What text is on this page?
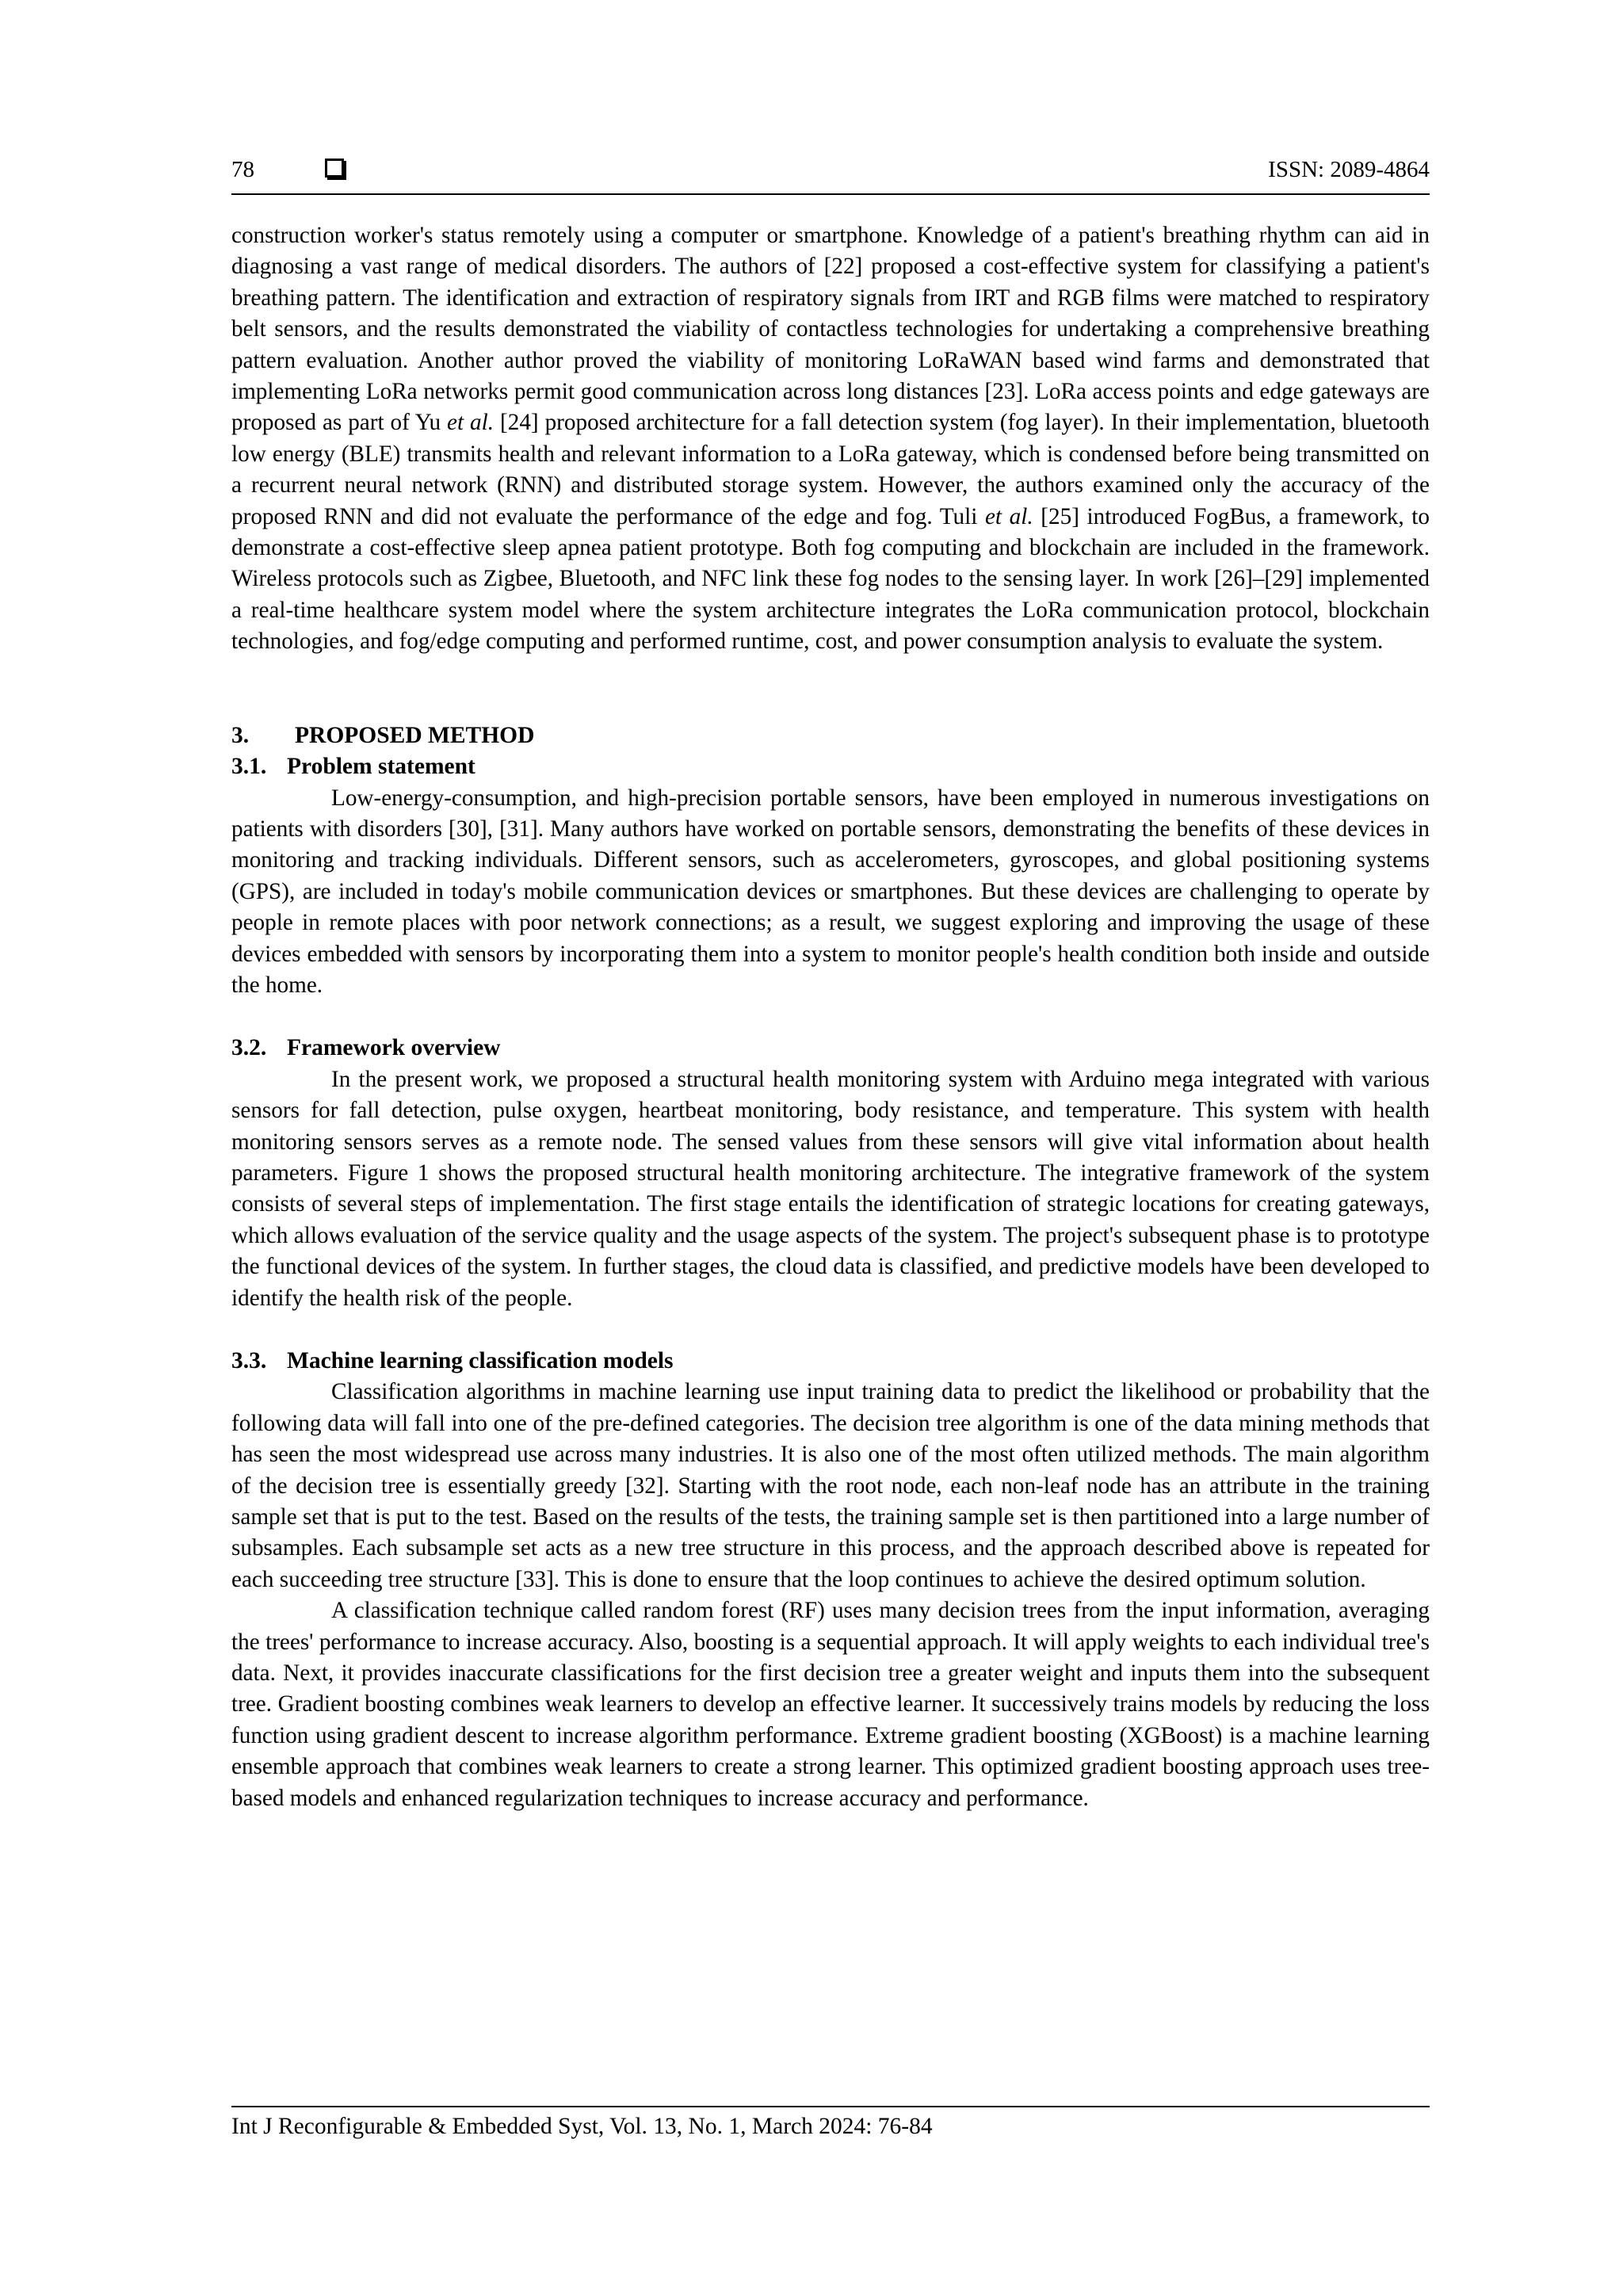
78	ISSN: 2089-4864

construction worker's status remotely using a computer or smartphone. Knowledge of a patient's breathing rhythm can aid in diagnosing a vast range of medical disorders. The authors of [22] proposed a cost-effective system for classifying a patient's breathing pattern. The identification and extraction of respiratory signals from IRT and RGB films were matched to respiratory belt sensors, and the results demonstrated the viability of contactless technologies for undertaking a comprehensive breathing pattern evaluation. Another author proved the viability of monitoring LoRaWAN based wind farms and demonstrated that implementing LoRa networks permit good communication across long distances [23]. LoRa access points and edge gateways are proposed as part of Yu et al. [24] proposed architecture for a fall detection system (fog layer). In their implementation, bluetooth low energy (BLE) transmits health and relevant information to a LoRa gateway, which is condensed before being transmitted on a recurrent neural network (RNN) and distributed storage system. However, the authors examined only the accuracy of the proposed RNN and did not evaluate the performance of the edge and fog. Tuli et al. [25] introduced FogBus, a framework, to demonstrate a cost-effective sleep apnea patient prototype. Both fog computing and blockchain are included in the framework. Wireless protocols such as Zigbee, Bluetooth, and NFC link these fog nodes to the sensing layer. In work [26]–[29] implemented a real-time healthcare system model where the system architecture integrates the LoRa communication protocol, blockchain technologies, and fog/edge computing and performed runtime, cost, and power consumption analysis to evaluate the system.

3. PROPOSED METHOD
3.1. Problem statement

Low-energy-consumption, and high-precision portable sensors, have been employed in numerous investigations on patients with disorders [30], [31]. Many authors have worked on portable sensors, demonstrating the benefits of these devices in monitoring and tracking individuals. Different sensors, such as accelerometers, gyroscopes, and global positioning systems (GPS), are included in today's mobile communication devices or smartphones. But these devices are challenging to operate by people in remote places with poor network connections; as a result, we suggest exploring and improving the usage of these devices embedded with sensors by incorporating them into a system to monitor people's health condition both inside and outside the home.

3.2. Framework overview

In the present work, we proposed a structural health monitoring system with Arduino mega integrated with various sensors for fall detection, pulse oxygen, heartbeat monitoring, body resistance, and temperature. This system with health monitoring sensors serves as a remote node. The sensed values from these sensors will give vital information about health parameters. Figure 1 shows the proposed structural health monitoring architecture. The integrative framework of the system consists of several steps of implementation. The first stage entails the identification of strategic locations for creating gateways, which allows evaluation of the service quality and the usage aspects of the system. The project's subsequent phase is to prototype the functional devices of the system. In further stages, the cloud data is classified, and predictive models have been developed to identify the health risk of the people.

3.3. Machine learning classification models

Classification algorithms in machine learning use input training data to predict the likelihood or probability that the following data will fall into one of the pre-defined categories. The decision tree algorithm is one of the data mining methods that has seen the most widespread use across many industries. It is also one of the most often utilized methods. The main algorithm of the decision tree is essentially greedy [32]. Starting with the root node, each non-leaf node has an attribute in the training sample set that is put to the test. Based on the results of the tests, the training sample set is then partitioned into a large number of subsamples. Each subsample set acts as a new tree structure in this process, and the approach described above is repeated for each succeeding tree structure [33]. This is done to ensure that the loop continues to achieve the desired optimum solution.

A classification technique called random forest (RF) uses many decision trees from the input information, averaging the trees' performance to increase accuracy. Also, boosting is a sequential approach. It will apply weights to each individual tree's data. Next, it provides inaccurate classifications for the first decision tree a greater weight and inputs them into the subsequent tree. Gradient boosting combines weak learners to develop an effective learner. It successively trains models by reducing the loss function using gradient descent to increase algorithm performance. Extreme gradient boosting (XGBoost) is a machine learning ensemble approach that combines weak learners to create a strong learner. This optimized gradient boosting approach uses tree-based models and enhanced regularization techniques to increase accuracy and performance.

Int J Reconfigurable & Embedded Syst, Vol. 13, No. 1, March 2024: 76-84
